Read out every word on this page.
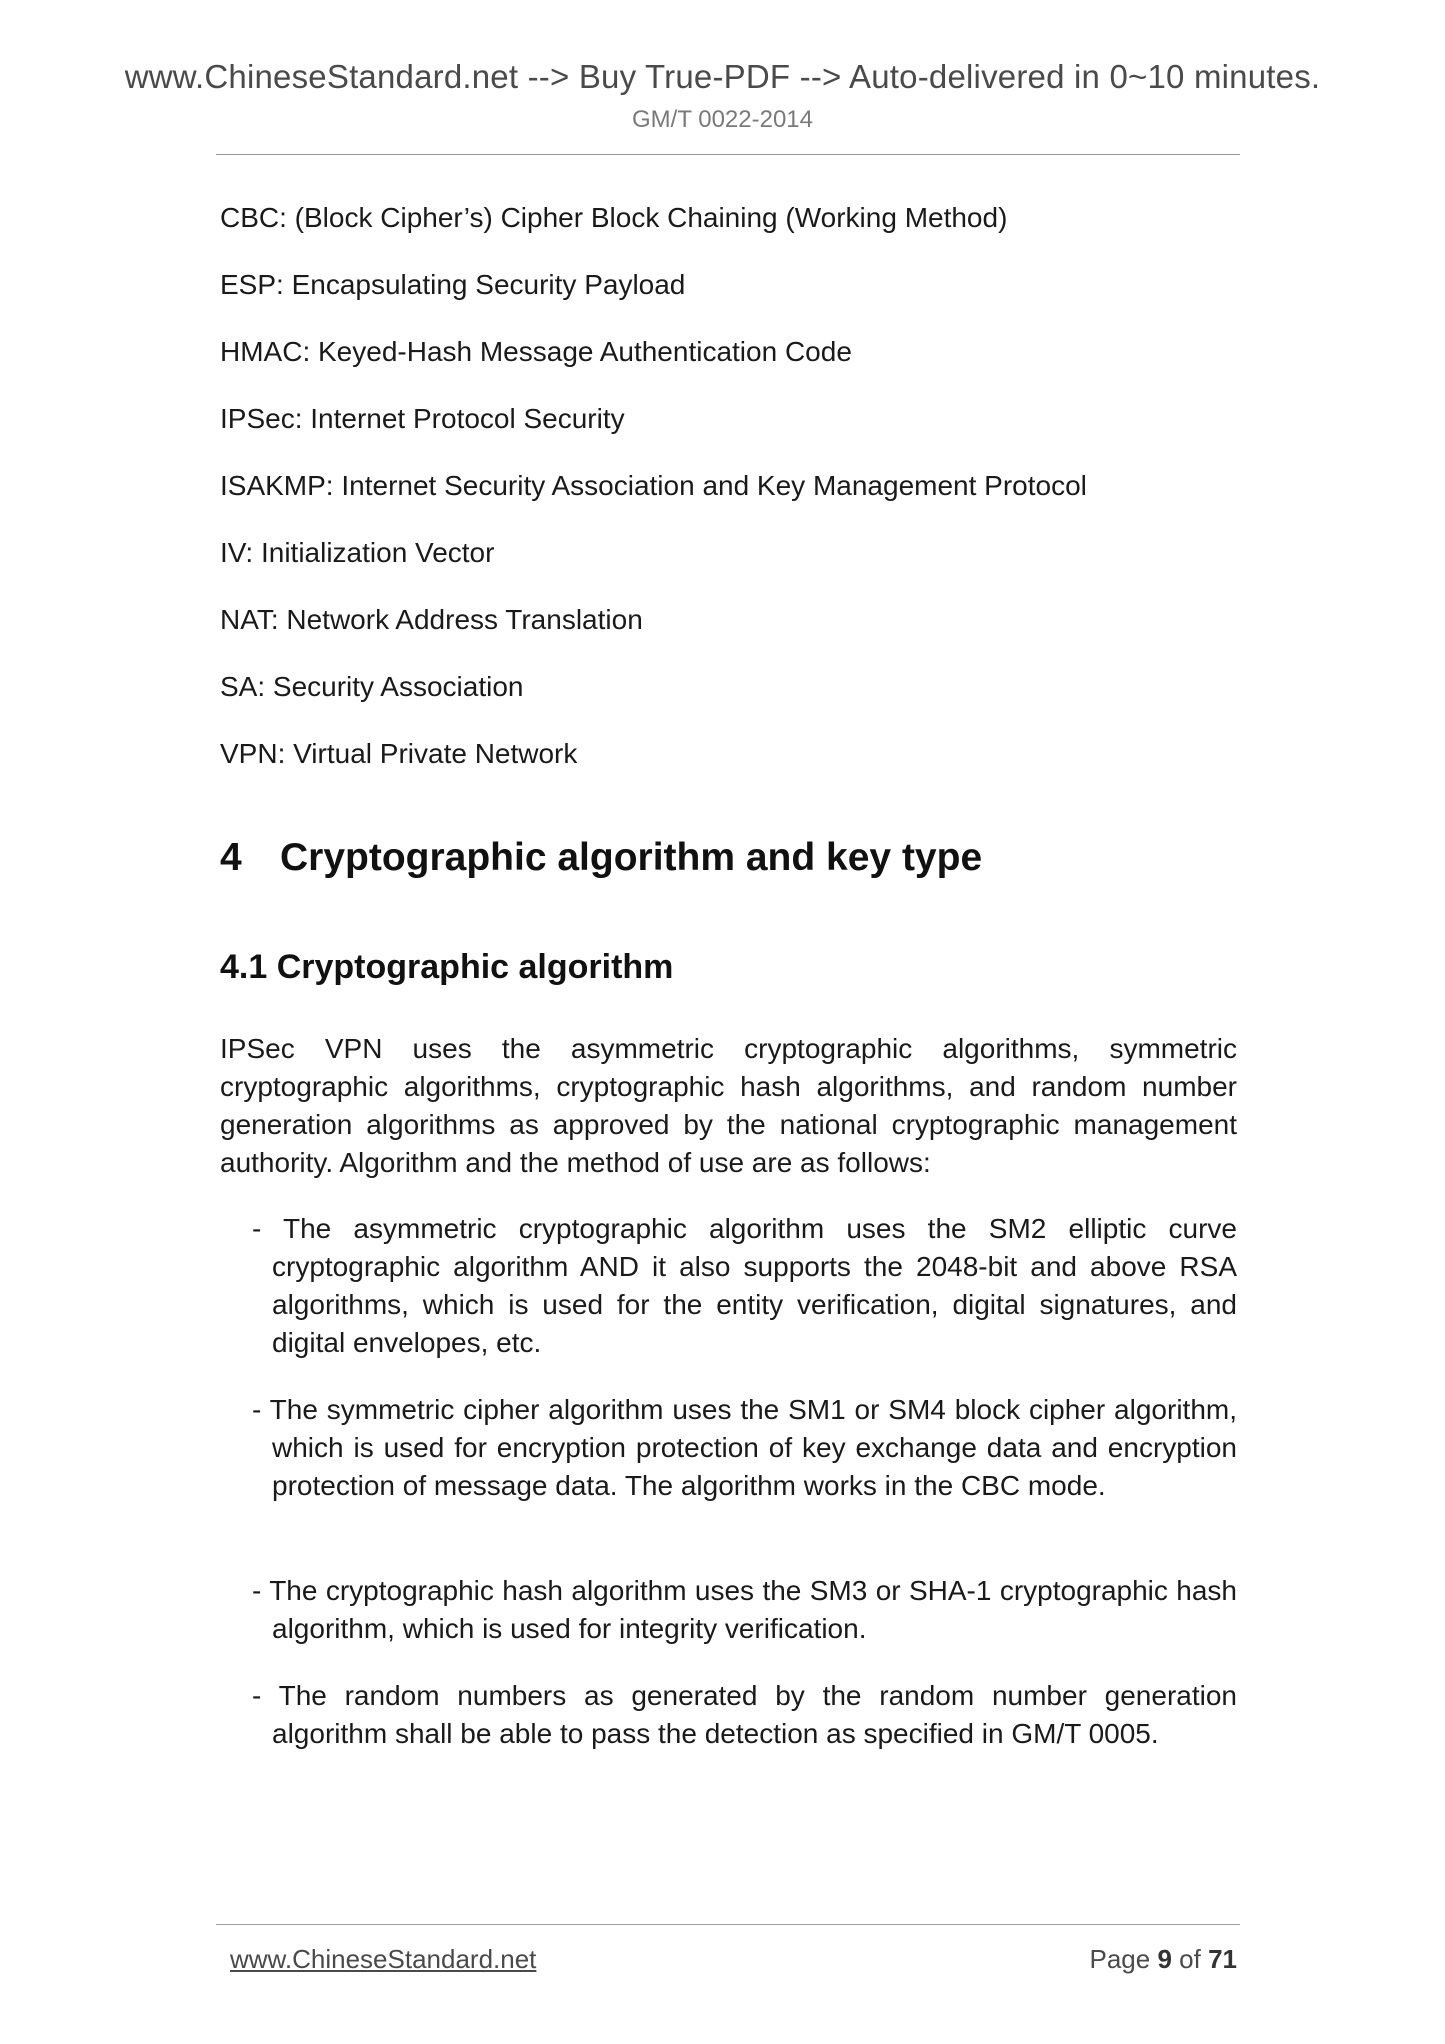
www.ChineseStandard.net --> Buy True-PDF --> Auto-delivered in 0~10 minutes.
GM/T 0022-2014
CBC: (Block Cipher’s) Cipher Block Chaining (Working Method)
ESP: Encapsulating Security Payload
HMAC: Keyed-Hash Message Authentication Code
IPSec: Internet Protocol Security
ISAKMP: Internet Security Association and Key Management Protocol
IV: Initialization Vector
NAT: Network Address Translation
SA: Security Association
VPN: Virtual Private Network
4 Cryptographic algorithm and key type
4.1 Cryptographic algorithm
IPSec VPN uses the asymmetric cryptographic algorithms, symmetric cryptographic algorithms, cryptographic hash algorithms, and random number generation algorithms as approved by the national cryptographic management authority. Algorithm and the method of use are as follows:
- The asymmetric cryptographic algorithm uses the SM2 elliptic curve cryptographic algorithm AND it also supports the 2048-bit and above RSA algorithms, which is used for the entity verification, digital signatures, and digital envelopes, etc.
- The symmetric cipher algorithm uses the SM1 or SM4 block cipher algorithm, which is used for encryption protection of key exchange data and encryption protection of message data. The algorithm works in the CBC mode.
- The cryptographic hash algorithm uses the SM3 or SHA-1 cryptographic hash algorithm, which is used for integrity verification.
- The random numbers as generated by the random number generation algorithm shall be able to pass the detection as specified in GM/T 0005.
www.ChineseStandard.net	Page 9 of 71
